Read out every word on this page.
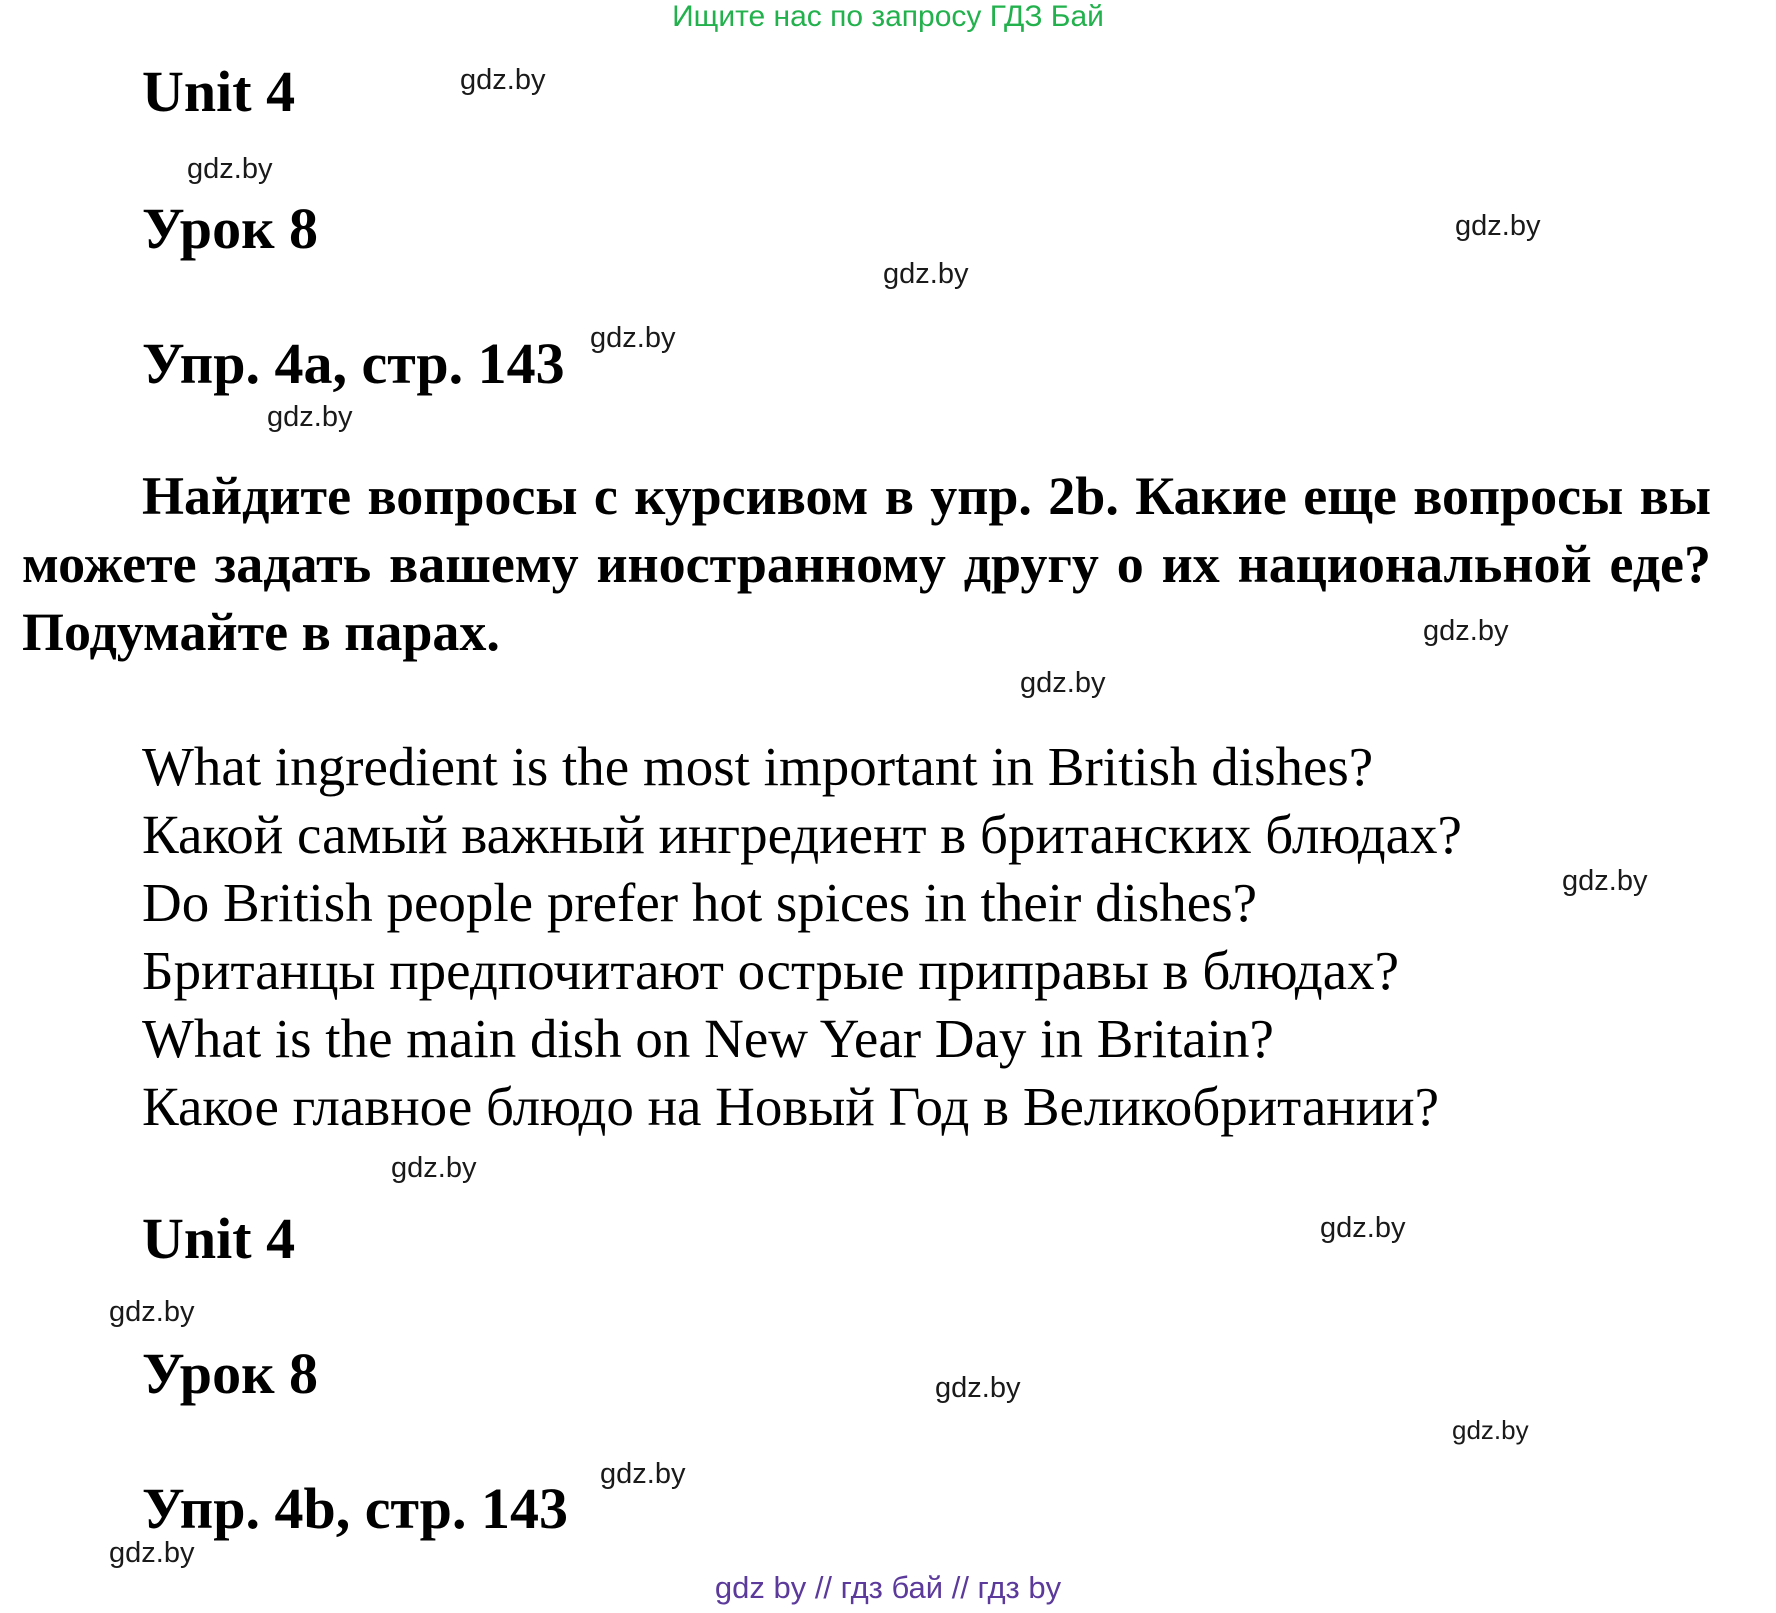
Ищите нас по запросу ГДЗ Бай
Unit 4
Урок 8
Упр. 4а, стр. 143
Найдите вопросы с курсивом в упр. 2b. Какие еще вопросы вы можете задать вашему иностранному другу о их национальной еде? Подумайте в парах.
What ingredient is the most important in British dishes?
Какой самый важный ингредиент в британских блюдах?
Do British people prefer hot spices in their dishes?
Британцы предпочитают острые приправы в блюдах?
What is the main dish on New Year Day in Britain?
Какое главное блюдо на Новый Год в Великобритании?
Unit 4
Урок 8
Упр. 4b, стр. 143
gdz.by
gdz.by
gdz.by
gdz.by
gdz.by
gdz.by
gdz.by
gdz.by
gdz.by
gdz.by
gdz.by
gdz.by
gdz.by
gdz.by
gdz.by
gdz.by
gdz by // гдз бай // гдз by
